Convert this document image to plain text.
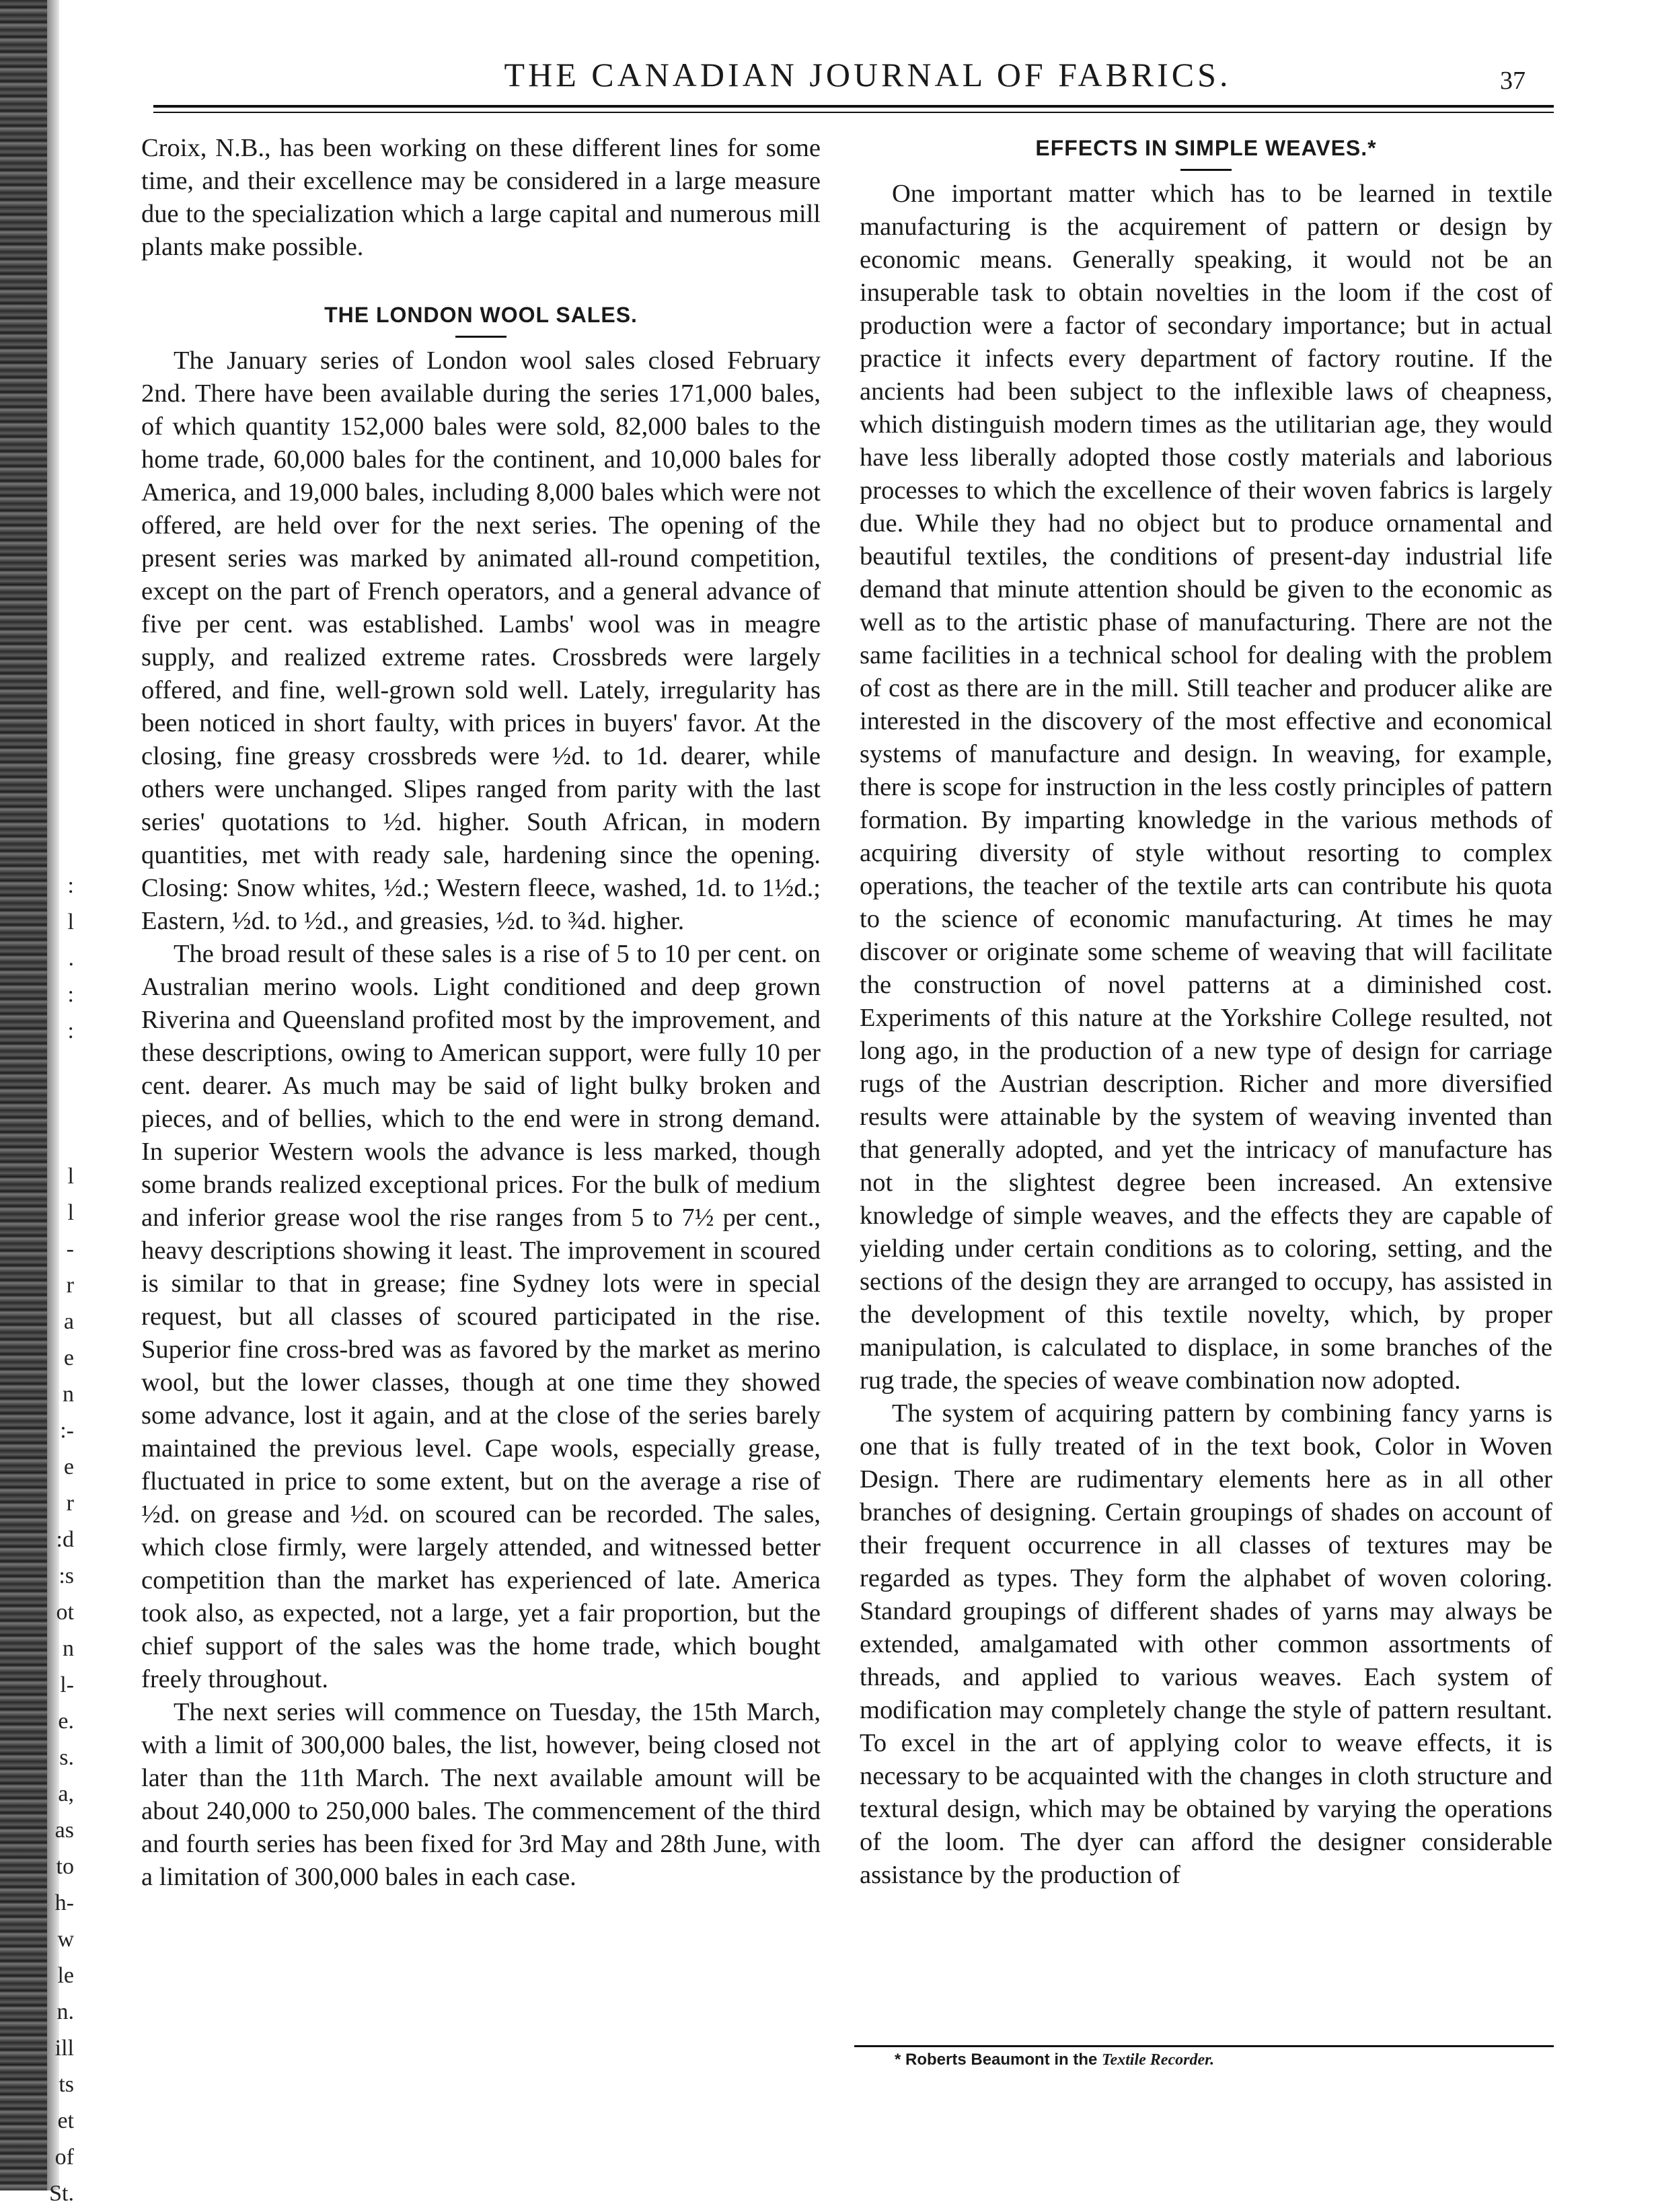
:
l
.
:
:
l
l
-
r
a
e
n
:-
e
r
:d
:s
ot
n
l-
e.
s.
a,
as
to
h-
w
le
n.
ill
ts
et
of
St.
THE CANADIAN JOURNAL OF FABRICS.	37

Croix, N.B., has been working on these different lines for some time, and their excellence may be considered in a large measure due to the specialization which a large capital and numerous mill plants make possible.

THE LONDON WOOL SALES.

The January series of London wool sales closed February 2nd. There have been available during the series 171,000 bales, of which quantity 152,000 bales were sold, 82,000 bales to the home trade, 60,000 bales for the continent, and 10,000 bales for America, and 19,000 bales, including 8,000 bales which were not offered, are held over for the next series. The opening of the present series was marked by animated all-round competition, except on the part of French operators, and a general advance of five per cent. was established. Lambs' wool was in meagre supply, and realized extreme rates. Crossbreds were largely offered, and fine, well-grown sold well. Lately, irregularity has been noticed in short faulty, with prices in buyers' favor. At the closing, fine greasy crossbreds were ½d. to 1d. dearer, while others were unchanged. Slipes ranged from parity with the last series' quotations to ½d. higher. South African, in modern quantities, met with ready sale, hardening since the opening. Closing: Snow whites, ½d.; Western fleece, washed, 1d. to 1½d.; Eastern, ½d. to ½d., and greasies, ½d. to ¾d. higher.

The broad result of these sales is a rise of 5 to 10 per cent. on Australian merino wools. Light conditioned and deep grown Riverina and Queensland profited most by the improvement, and these descriptions, owing to American support, were fully 10 per cent. dearer. As much may be said of light bulky broken and pieces, and of bellies, which to the end were in strong demand. In superior Western wools the advance is less marked, though some brands realized exceptional prices. For the bulk of medium and inferior grease wool the rise ranges from 5 to 7½ per cent., heavy descriptions showing it least. The improvement in scoured is similar to that in grease; fine Sydney lots were in special request, but all classes of scoured participated in the rise. Superior fine cross-bred was as favored by the market as merino wool, but the lower classes, though at one time they showed some advance, lost it again, and at the close of the series barely maintained the previous level. Cape wools, especially grease, fluctuated in price to some extent, but on the average a rise of ½d. on grease and ½d. on scoured can be recorded. The sales, which close firmly, were largely attended, and witnessed better competition than the market has experienced of late. America took also, as expected, not a large, yet a fair proportion, but the chief support of the sales was the home trade, which bought freely throughout.

The next series will commence on Tuesday, the 15th March, with a limit of 300,000 bales, the list, however, being closed not later than the 11th March. The next available amount will be about 240,000 to 250,000 bales. The commencement of the third and fourth series has been fixed for 3rd May and 28th June, with a limitation of 300,000 bales in each case.

EFFECTS IN SIMPLE WEAVES.*

One important matter which has to be learned in textile manufacturing is the acquirement of pattern or design by economic means. Generally speaking, it would not be an insuperable task to obtain novelties in the loom if the cost of production were a factor of secondary importance; but in actual practice it infects every department of factory routine. If the ancients had been subject to the inflexible laws of cheapness, which distinguish modern times as the utilitarian age, they would have less liberally adopted those costly materials and laborious processes to which the excellence of their woven fabrics is largely due. While they had no object but to produce ornamental and beautiful textiles, the conditions of present-day industrial life demand that minute attention should be given to the economic as well as to the artistic phase of manufacturing. There are not the same facilities in a technical school for dealing with the problem of cost as there are in the mill. Still teacher and producer alike are interested in the discovery of the most effective and economical systems of manufacture and design. In weaving, for example, there is scope for instruction in the less costly principles of pattern formation. By imparting knowledge in the various methods of acquiring diversity of style without resorting to complex operations, the teacher of the textile arts can contribute his quota to the science of economic manufacturing. At times he may discover or originate some scheme of weaving that will facilitate the construction of novel patterns at a diminished cost. Experiments of this nature at the Yorkshire College resulted, not long ago, in the production of a new type of design for carriage rugs of the Austrian description. Richer and more diversified results were attainable by the system of weaving invented than that generally adopted, and yet the intricacy of manufacture has not in the slightest degree been increased. An extensive knowledge of simple weaves, and the effects they are capable of yielding under certain conditions as to coloring, setting, and the sections of the design they are arranged to occupy, has assisted in the development of this textile novelty, which, by proper manipulation, is calculated to displace, in some branches of the rug trade, the species of weave combination now adopted.

The system of acquiring pattern by combining fancy yarns is one that is fully treated of in the text book, Color in Woven Design. There are rudimentary elements here as in all other branches of designing. Certain groupings of shades on account of their frequent occurrence in all classes of textures may be regarded as types. They form the alphabet of woven coloring. Standard groupings of different shades of yarns may always be extended, amalgamated with other common assortments of threads, and applied to various weaves. Each system of modification may completely change the style of pattern resultant. To excel in the art of applying color to weave effects, it is necessary to be acquainted with the changes in cloth structure and textural design, which may be obtained by varying the operations of the loom. The dyer can afford the designer considerable assistance by the production of

* Roberts Beaumont in the Textile Recorder.
